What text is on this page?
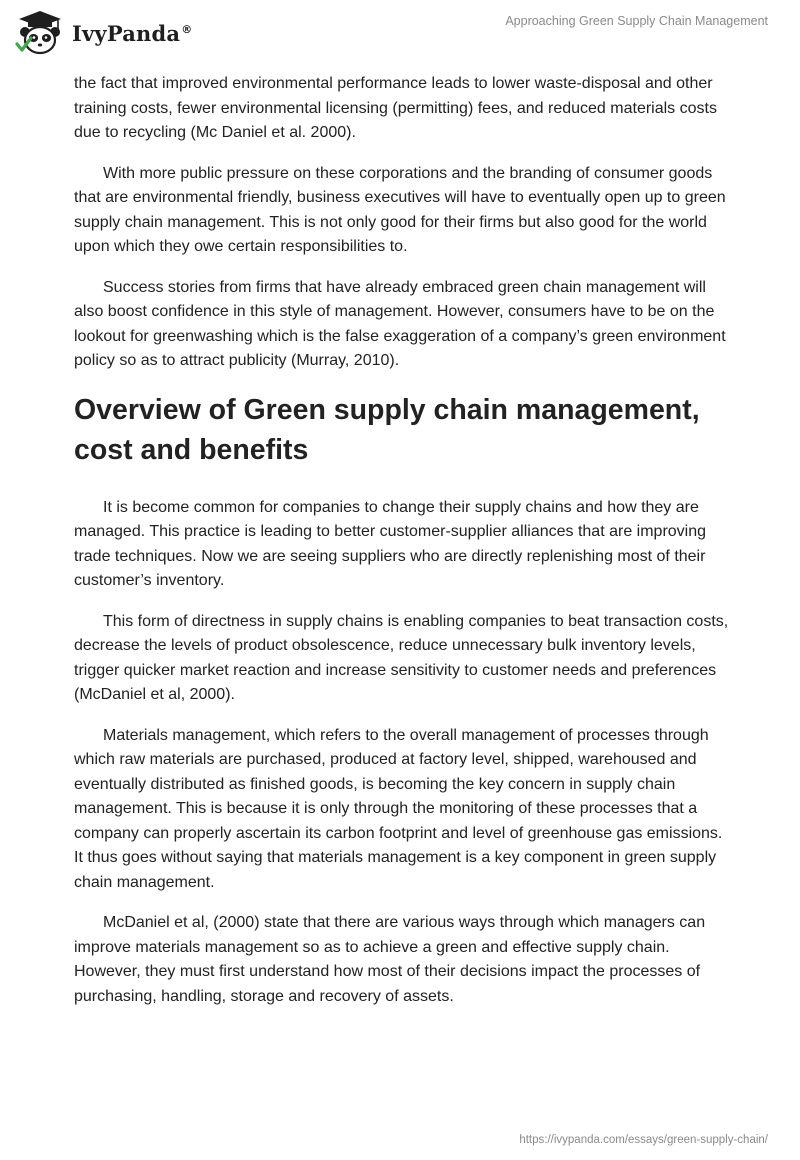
IvyPanda®
Approaching Green Supply Chain Management

the fact that improved environmental performance leads to lower waste-disposal and other training costs, fewer environmental licensing (permitting) fees, and reduced materials costs due to recycling (Mc Daniel et al. 2000).

With more public pressure on these corporations and the branding of consumer goods that are environmental friendly, business executives will have to eventually open up to green supply chain management. This is not only good for their firms but also good for the world upon which they owe certain responsibilities to.

Success stories from firms that have already embraced green chain management will also boost confidence in this style of management. However, consumers have to be on the lookout for greenwashing which is the false exaggeration of a company’s green environment policy so as to attract publicity (Murray, 2010).

Overview of Green supply chain management, cost and benefits

It is become common for companies to change their supply chains and how they are managed. This practice is leading to better customer-supplier alliances that are improving trade techniques. Now we are seeing suppliers who are directly replenishing most of their customer’s inventory.

This form of directness in supply chains is enabling companies to beat transaction costs, decrease the levels of product obsolescence, reduce unnecessary bulk inventory levels, trigger quicker market reaction and increase sensitivity to customer needs and preferences (McDaniel et al, 2000).

Materials management, which refers to the overall management of processes through which raw materials are purchased, produced at factory level, shipped, warehoused and eventually distributed as finished goods, is becoming the key concern in supply chain management. This is because it is only through the monitoring of these processes that a company can properly ascertain its carbon footprint and level of greenhouse gas emissions. It thus goes without saying that materials management is a key component in green supply chain management.

McDaniel et al, (2000) state that there are various ways through which managers can improve materials management so as to achieve a green and effective supply chain. However, they must first understand how most of their decisions impact the processes of purchasing, handling, storage and recovery of assets.

https://ivypanda.com/essays/green-supply-chain/
